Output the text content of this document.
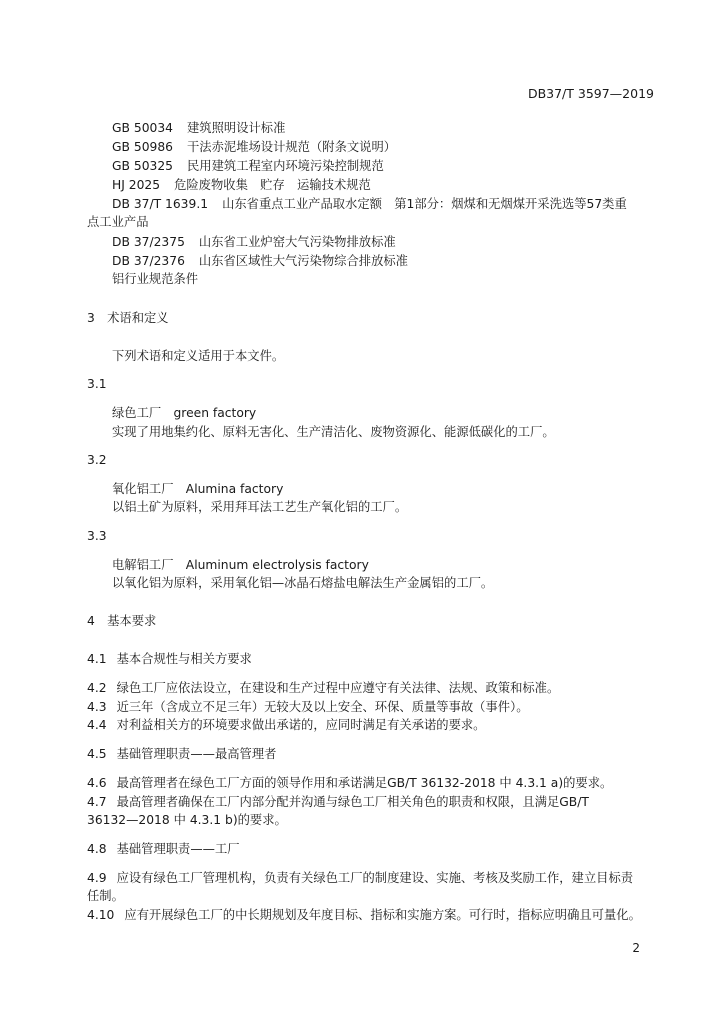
DB37/T 3597—2019
GB 50034 建筑照明设计标准
GB 50986 干法赤泥堆场设计规范（附条文说明）
GB 50325 民用建筑工程室内环境污染控制规范
HJ 2025 危险废物收集　贮存　运输技术规范
DB 37/T 1639.1 山东省重点工业产品取水定额　第1部分：烟煤和无烟煤开采洗选等57类重
点工业产品
DB 37/2375 山东省工业炉窑大气污染物排放标准
DB 37/2376 山东省区域性大气污染物综合排放标准
铝行业规范条件
3　术语和定义
下列术语和定义适用于本文件。
3.1
绿色工厂　green factory
实现了用地集约化、原料无害化、生产清洁化、废物资源化、能源低碳化的工厂。
3.2
氧化铝工厂　Alumina factory
以铝土矿为原料，采用拜耳法工艺生产氧化铝的工厂。
3.3
电解铝工厂　Aluminum electrolysis factory
以氧化铝为原料，采用氧化铝—冰晶石熔盐电解法生产金属铝的工厂。
4　基本要求
4.1 基本合规性与相关方要求
4.2 绿色工厂应依法设立，在建设和生产过程中应遵守有关法律、法规、政策和标准。
4.3 近三年（含成立不足三年）无较大及以上安全、环保、质量等事故（事件）。
4.4 对利益相关方的环境要求做出承诺的，应同时满足有关承诺的要求。
4.5 基础管理职责——最高管理者
4.6 最高管理者在绿色工厂方面的领导作用和承诺满足GB/T 36132-2018 中 4.3.1 a)的要求。
4.7 最高管理者确保在工厂内部分配并沟通与绿色工厂相关角色的职责和权限，且满足GB/T
36132—2018 中 4.3.1 b)的要求。
4.8 基础管理职责——工厂
4.9 应设有绿色工厂管理机构，负责有关绿色工厂的制度建设、实施、考核及奖励工作，建立目标责
任制。
4.10 应有开展绿色工厂的中长期规划及年度目标、指标和实施方案。可行时，指标应明确且可量化。
2
